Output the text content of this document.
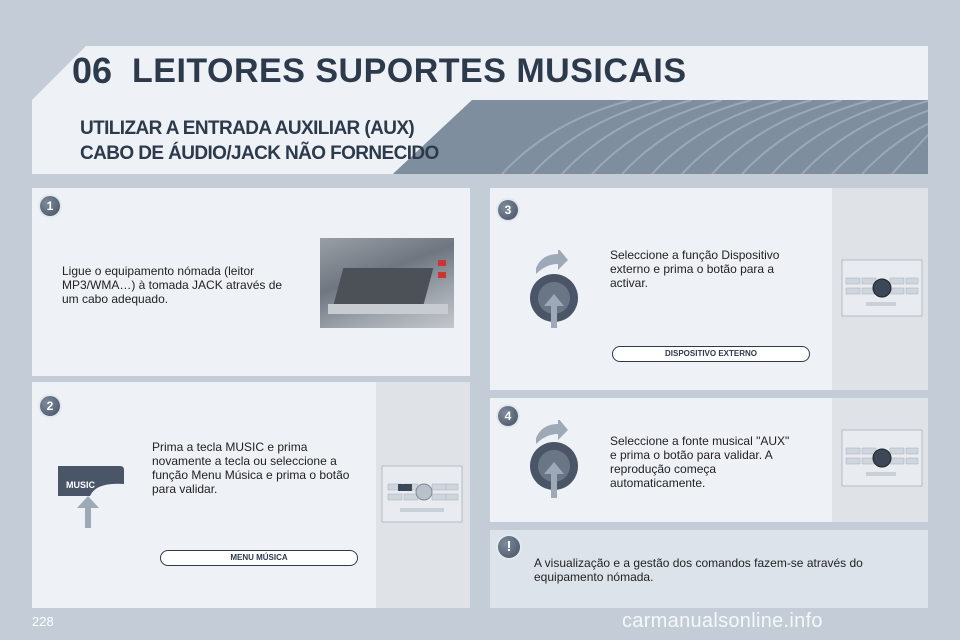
06 LEITORES SUPORTES MUSICAIS
UTILIZAR A ENTRADA AUXILIAR (AUX)
CABO DE ÁUDIO/JACK NÃO FORNECIDO
1
Ligue o equipamento nómada (leitor MP3/WMA…) à tomada JACK através de um cabo adequado.
2
Prima a tecla MUSIC e prima novamente a tecla ou seleccione a função Menu Música e prima o botão para validar.
MUSIC
MENU MÚSICA
3
Seleccione a função Dispositivo externo e prima o botão para a activar.
DISPOSITIVO EXTERNO
4
Seleccione a fonte musical "AUX" e prima o botão para validar. A reprodução começa automaticamente.
!
A visualização e a gestão dos comandos fazem-se através do equipamento nómada.
228	carmanualsonline.info
